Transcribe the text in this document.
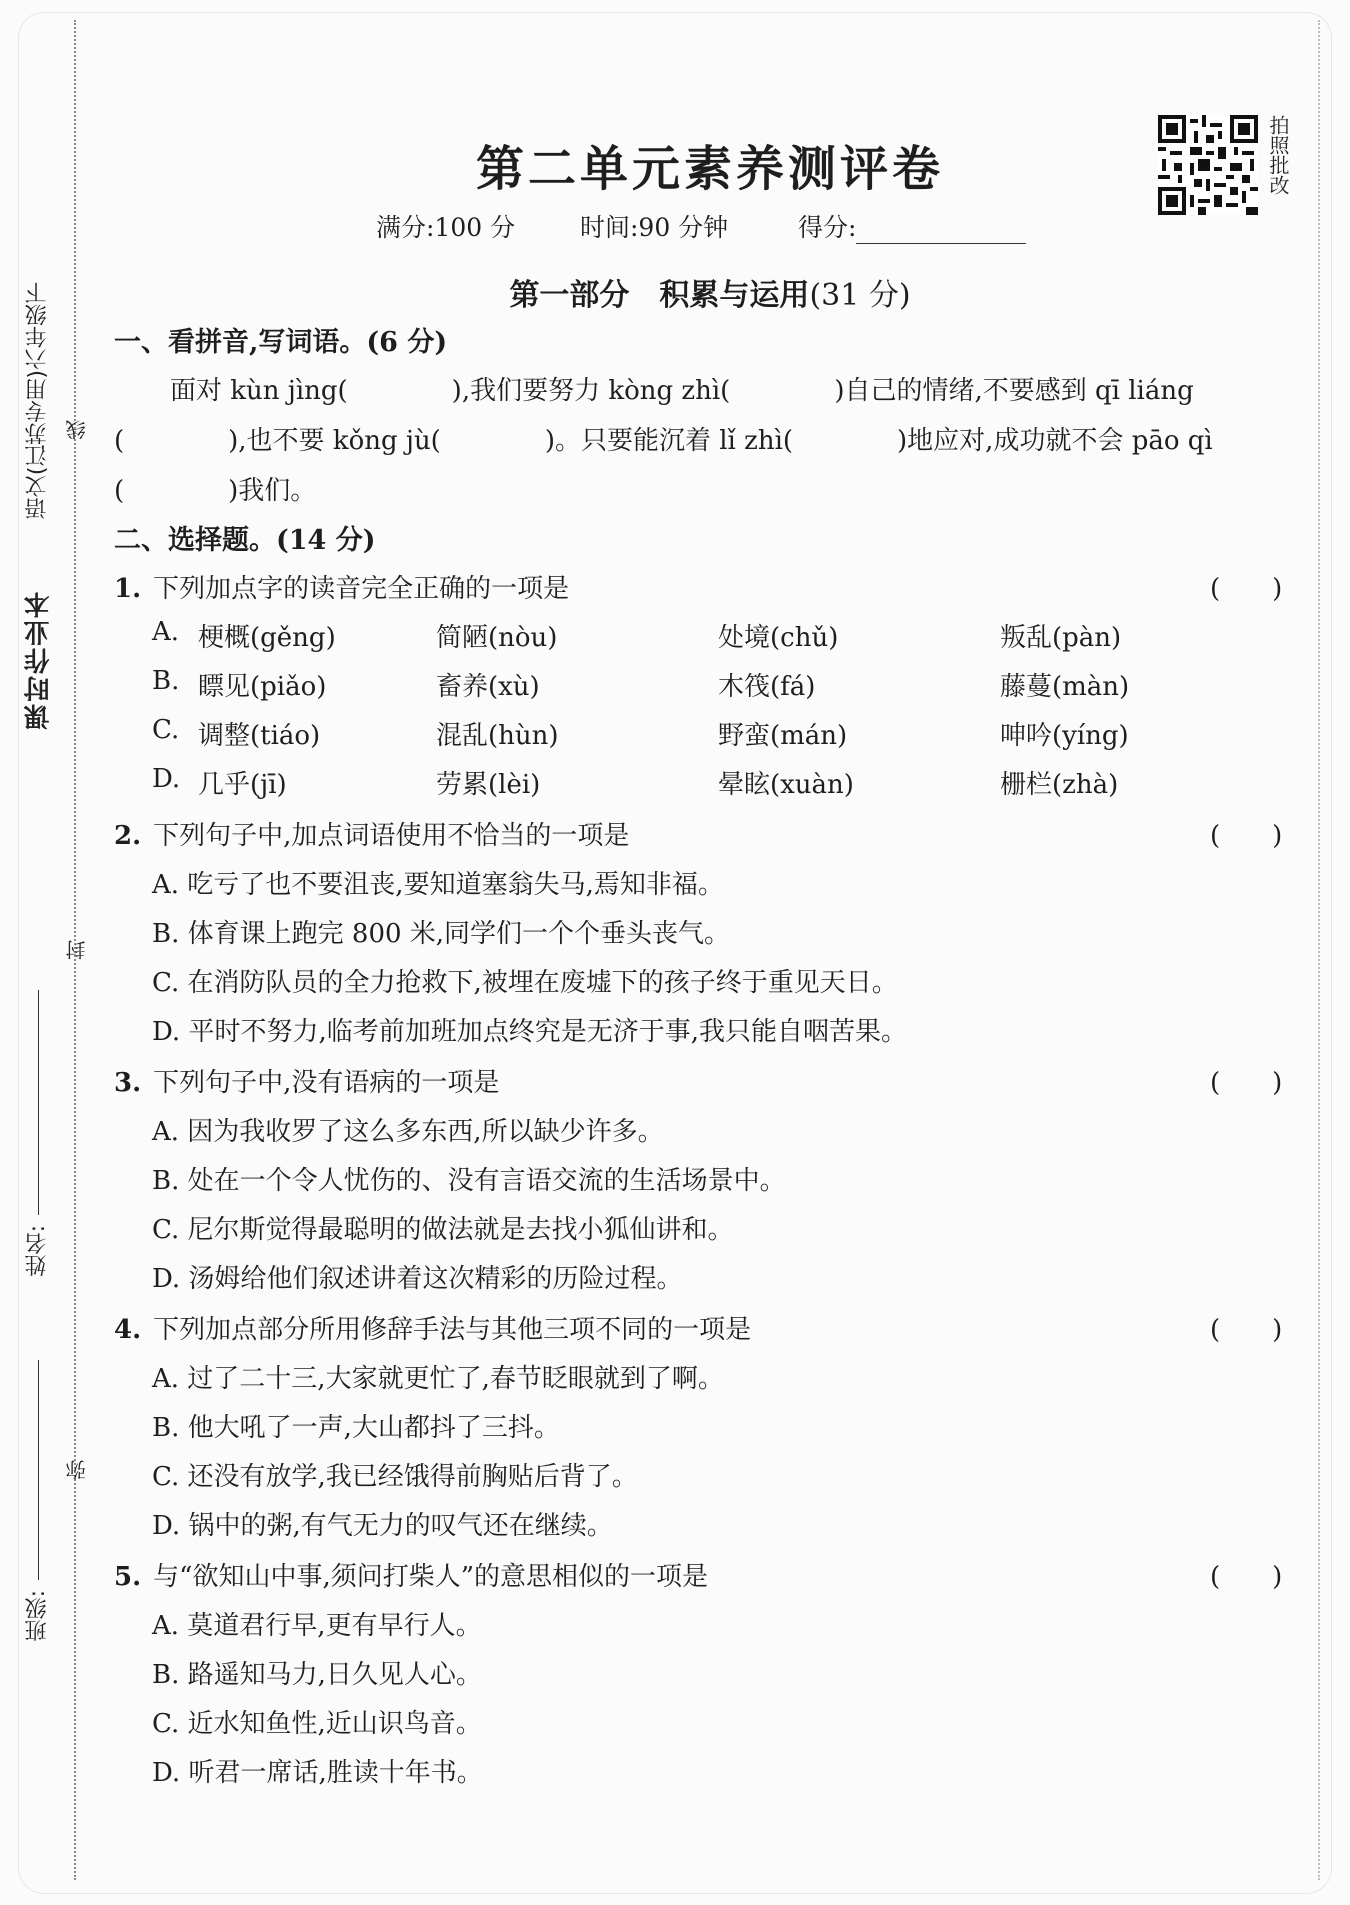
课时作业本
语文(江苏专用)六年级下 线
封
姓名:
弥
班级:
第二单元素养测评卷
满分:100 分	时间:90 分钟	得分:
拍照批改
第一部分　积累与运用(31 分)
一、看拼音,写词语。(6 分)
面对 kùn jìng(　　　　),我们要努力 kòng zhì(　　　　)自己的情绪,不要感到 qī liáng
(　　　　),也不要 kǒng jù(　　　　)。只要能沉着 lǐ zhì(　　　　)地应对,成功就不会 pāo qì
(　　　　)我们。
二、选择题。(14 分)
1. 下列加点字的读音完全正确的一项是	(　　)
A. 梗概(gěng)	简陋(nòu)	处境(chǔ)	叛乱(pàn)
B. 瞟见(piǎo)	畜养(xù)	木筏(fá)	藤蔓(màn)
C. 调整(tiáo)	混乱(hùn)	野蛮(mán)	呻吟(yíng)
D. 几乎(jī)	劳累(lèi)	晕眩(xuàn)	栅栏(zhà)
2. 下列句子中,加点词语使用不恰当的一项是	(　　)
A. 吃亏了也不要沮丧,要知道塞翁失马,焉知非福。
B. 体育课上跑完 800 米,同学们一个个垂头丧气。
C. 在消防队员的全力抢救下,被埋在废墟下的孩子终于重见天日。
D. 平时不努力,临考前加班加点终究是无济于事,我只能自咽苦果。
3. 下列句子中,没有语病的一项是	(　　)
A. 因为我收罗了这么多东西,所以缺少许多。
B. 处在一个令人忧伤的、没有言语交流的生活场景中。
C. 尼尔斯觉得最聪明的做法就是去找小狐仙讲和。
D. 汤姆给他们叙述讲着这次精彩的历险过程。
4. 下列加点部分所用修辞手法与其他三项不同的一项是	(　　)
A. 过了二十三,大家就更忙了,春节眨眼就到了啊。
B. 他大吼了一声,大山都抖了三抖。
C. 还没有放学,我已经饿得前胸贴后背了。
D. 锅中的粥,有气无力的叹气还在继续。
5. 与“欲知山中事,须问打柴人”的意思相似的一项是	(　　)
A. 莫道君行早,更有早行人。
B. 路遥知马力,日久见人心。
C. 近水知鱼性,近山识鸟音。
D. 听君一席话,胜读十年书。
